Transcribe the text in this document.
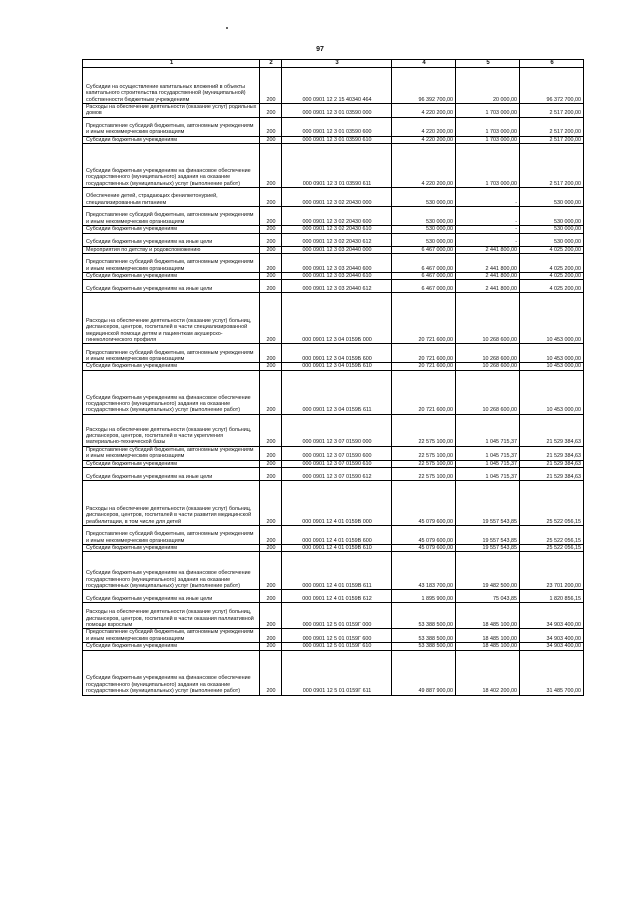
97
1	2	3	4	5	6
Субсидии на осуществление капитальных вложений в объекты капитального строительства государственной (муниципальной) собственности бюджетным учреждениям	200	000 0901 12 2 15 40340 464	96 392 700,00	20 000,00	96 372 700,00
Расходы на обеспечение деятельности (оказание услуг) родильных домов	200	000 0901 12 3 01 03590 000	4 220 200,00	1 703 000,00	2 517 200,00
Предоставление субсидий бюджетным, автономным учреждениям и иным некоммерческим организациям	200	000 0901 12 3 01 03590 600	4 220 200,00	1 703 000,00	2 517 200,00
Субсидии бюджетным учреждениям	200	000 0901 12 3 01 03590 610	4 220 200,00	1 703 000,00	2 517 200,00
Субсидии бюджетным учреждениям на финансовое обеспечение государственного (муниципального) задания на оказание государственных (муниципальных) услуг (выполнение работ)	200	000 0901 12 3 01 03590 611	4 220 200,00	1 703 000,00	2 517 200,00
Обеспечение детей, страдающих фенилкетонурией, специализированным питанием	200	000 0901 12 3 02 20430 000	530 000,00	-	530 000,00
Предоставление субсидий бюджетным, автономным учреждениям и иным некоммерческим организациям	200	000 0901 12 3 02 20430 600	530 000,00	-	530 000,00
Субсидии бюджетным учреждениям	200	000 0901 12 3 02 20430 610	530 000,00	-	530 000,00
Субсидии бюджетным учреждениям на иные цели	200	000 0901 12 3 02 20430 612	530 000,00	-	530 000,00
Мероприятия по детству и родовспоможению	200	000 0901 12 3 03 20440 000	6 467 000,00	2 441 800,00	4 025 200,00
Предоставление субсидий бюджетным, автономным учреждениям и иным некоммерческим организациям	200	000 0901 12 3 03 20440 600	6 467 000,00	2 441 800,00	4 025 200,00
Субсидии бюджетным учреждениям	200	000 0901 12 3 03 20440 610	6 467 000,00	2 441 800,00	4 025 200,00
Субсидии бюджетным учреждениям на иные цели	200	000 0901 12 3 03 20440 612	6 467 000,00	2 441 800,00	4 025 200,00
Расходы на обеспечение деятельности (оказание услуг) больниц, диспансеров, центров, госпиталей в части специализированной медицинской помощи детям и пациенткам акушерско-гинекологического профиля	200	000 0901 12 3 04 0159Б 000	20 721 600,00	10 268 600,00	10 453 000,00
Предоставление субсидий бюджетным, автономным учреждениям и иным некоммерческим организациям	200	000 0901 12 3 04 0159Б 600	20 721 600,00	10 268 600,00	10 453 000,00
Субсидии бюджетным учреждениям	200	000 0901 12 3 04 0159Б 610	20 721 600,00	10 268 600,00	10 453 000,00
Субсидии бюджетным учреждениям на финансовое обеспечение государственного (муниципального) задания на оказание государственных (муниципальных) услуг (выполнение работ)	200	000 0901 12 3 04 0159Б 611	20 721 600,00	10 268 600,00	10 453 000,00
Расходы на обеспечение деятельности (оказание услуг) больниц, диспансеров, центров, госпиталей в части укрепления материально-технической базы	200	000 0901 12 3 07 01590 000	22 575 100,00	1 045 715,37	21 529 384,63
Предоставление субсидий бюджетным, автономным учреждениям и иным некоммерческим организациям	200	000 0901 12 3 07 01590 600	22 575 100,00	1 045 715,37	21 529 384,63
Субсидии бюджетным учреждениям	200	000 0901 12 3 07 01590 610	22 575 100,00	1 045 715,37	21 529 384,63
Субсидии бюджетным учреждениям на иные цели	200	000 0901 12 3 07 01590 612	22 575 100,00	1 045 715,37	21 529 384,63
Расходы на обеспечение деятельности (оказание услуг) больниц, диспансеров, центров, госпиталей в части развития медицинской реабилитации, в том числе для детей	200	000 0901 12 4 01 0159В 000	45 079 600,00	19 557 543,85	25 522 056,15
Предоставление субсидий бюджетным, автономным учреждениям и иным некоммерческим организациям	200	000 0901 12 4 01 0159В 600	45 079 600,00	19 557 543,85	25 522 056,15
Субсидии бюджетным учреждениям	200	000 0901 12 4 01 0159В 610	45 079 600,00	19 557 543,85	25 522 056,15
Субсидии бюджетным учреждениям на финансовое обеспечение государственного (муниципального) задания на оказание государственных (муниципальных) услуг (выполнение работ)	200	000 0901 12 4 01 0159В 611	43 183 700,00	19 482 500,00	23 701 200,00
Субсидии бюджетным учреждениям на иные цели	200	000 0901 12 4 01 0159В 612	1 895 900,00	75 043,85	1 820 856,15
Расходы на обеспечение деятельности (оказание услуг) больниц, диспансеров, центров, госпиталей в части оказания паллиативной помощи взрослым	200	000 0901 12 5 01 0159Г 000	53 388 500,00	18 485 100,00	34 903 400,00
Предоставление субсидий бюджетным, автономным учреждениям и иным некоммерческим организациям	200	000 0901 12 5 01 0159Г 600	53 388 500,00	18 485 100,00	34 903 400,00
Субсидии бюджетным учреждениям	200	000 0901 12 5 01 0159Г 610	53 388 500,00	18 485 100,00	34 903 400,00
Субсидии бюджетным учреждениям на финансовое обеспечение государственного (муниципального) задания на оказание государственных (муниципальных) услуг (выполнение работ)	200	000 0901 12 5 01 0159Г 611	49 887 900,00	18 402 200,00	31 485 700,00
